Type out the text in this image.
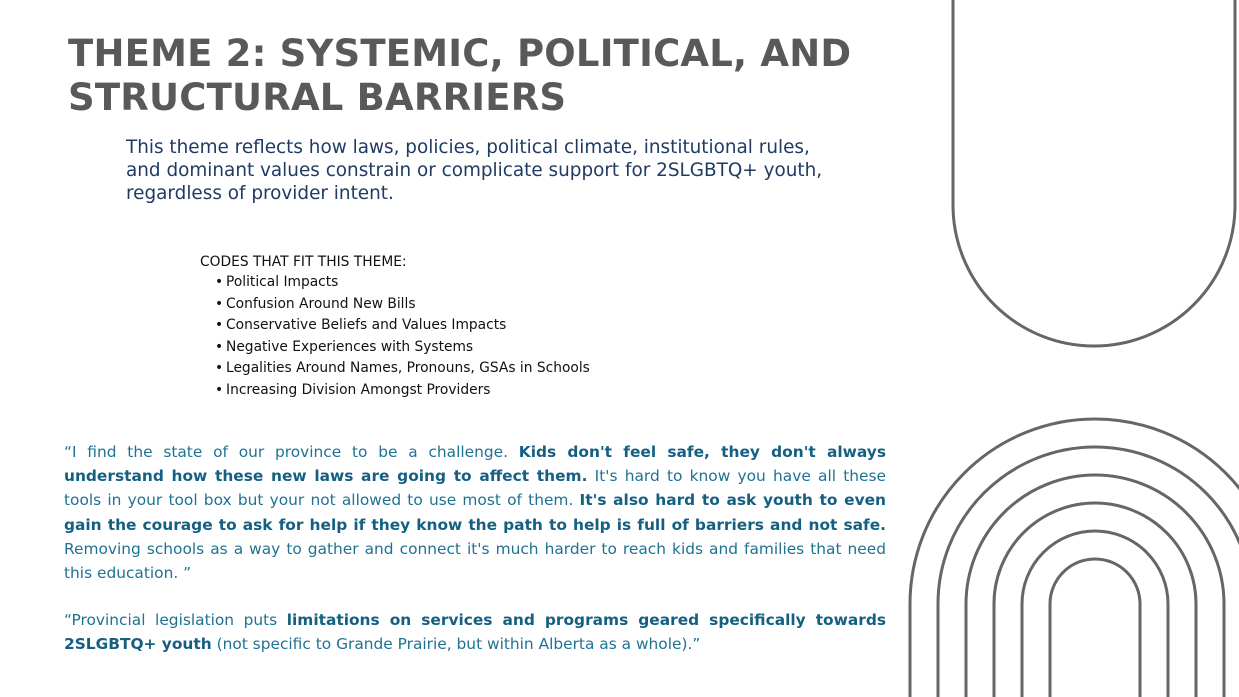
THEME 2: SYSTEMIC, POLITICAL, AND
STRUCTURAL BARRIERS

This theme reflects how laws, policies, political climate, institutional rules, and dominant values constrain or complicate support for 2SLGBTQ+ youth, regardless of provider intent.

CODES THAT FIT THIS THEME:
• Political Impacts
• Confusion Around New Bills
• Conservative Beliefs and Values Impacts
• Negative Experiences with Systems
• Legalities Around Names, Pronouns, GSAs in Schools
• Increasing Division Amongst Providers

“I find the state of our province to be a challenge. Kids don't feel safe, they don't always understand how these new laws are going to affect them. It's hard to know you have all these tools in your tool box but your not allowed to use most of them. It's also hard to ask youth to even gain the courage to ask for help if they know the path to help is full of barriers and not safe. Removing schools as a way to gather and connect it's much harder to reach kids and families that need this education. ”

“Provincial legislation puts limitations on services and programs geared specifically towards 2SLGBTQ+ youth (not specific to Grande Prairie, but within Alberta as a whole).”
